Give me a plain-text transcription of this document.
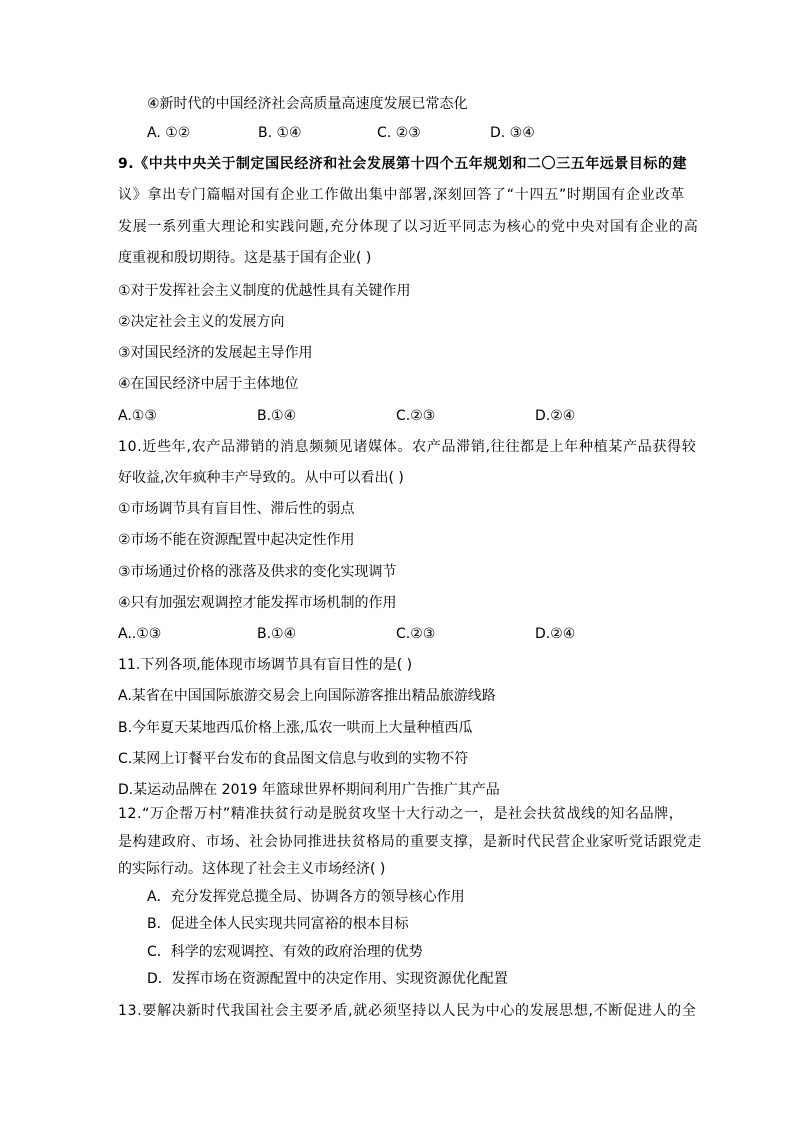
④新时代的中国经济社会高质量高速度发展已常态化
A. ①②	B. ①④	C. ②③	D. ③④
9.《中共中央关于制定国民经济和社会发展第十四个五年规划和二〇三五年远景目标的建
议》拿出专门篇幅对国有企业工作做出集中部署,深刻回答了“十四五”时期国有企业改革
发展一系列重大理论和实践问题,充分体现了以习近平同志为核心的党中央对国有企业的高
度重视和殷切期待。这是基于国有企业( )
①对于发挥社会主义制度的优越性具有关键作用
②决定社会主义的发展方向
③对国民经济的发展起主导作用
④在国民经济中居于主体地位
A.①③	B.①④	C.②③	D.②④
10.近些年,农产品滞销的消息频频见诸媒体。农产品滞销,往往都是上年种植某产品获得较
好收益,次年疯种丰产导致的。从中可以看出( )
①市场调节具有盲目性、滞后性的弱点
②市场不能在资源配置中起决定性作用
③市场通过价格的涨落及供求的变化实现调节
④只有加强宏观调控才能发挥市场机制的作用
A..①③	B.①④	C.②③	D.②④
11.下列各项,能体现市场调节具有盲目性的是( )
A.某省在中国国际旅游交易会上向国际游客推出精品旅游线路
B.今年夏天某地西瓜价格上涨,瓜农一哄而上大量种植西瓜
C.某网上订餐平台发布的食品图文信息与收到的实物不符
D.某运动品牌在 2019 年篮球世界杯期间利用广告推广其产品
12.“万企帮万村”精准扶贫行动是脱贫攻坚十大行动之一，是社会扶贫战线的知名品牌，
是构建政府、市场、社会协同推进扶贫格局的重要支撑，是新时代民营企业家听党话跟党走
的实际行动。这体现了社会主义市场经济( )
A．充分发挥党总揽全局、协调各方的领导核心作用
B．促进全体人民实现共同富裕的根本目标
C．科学的宏观调控、有效的政府治理的优势
D．发挥市场在资源配置中的决定作用、实现资源优化配置
13.要解决新时代我国社会主要矛盾,就必须坚持以人民为中心的发展思想,不断促进人的全
